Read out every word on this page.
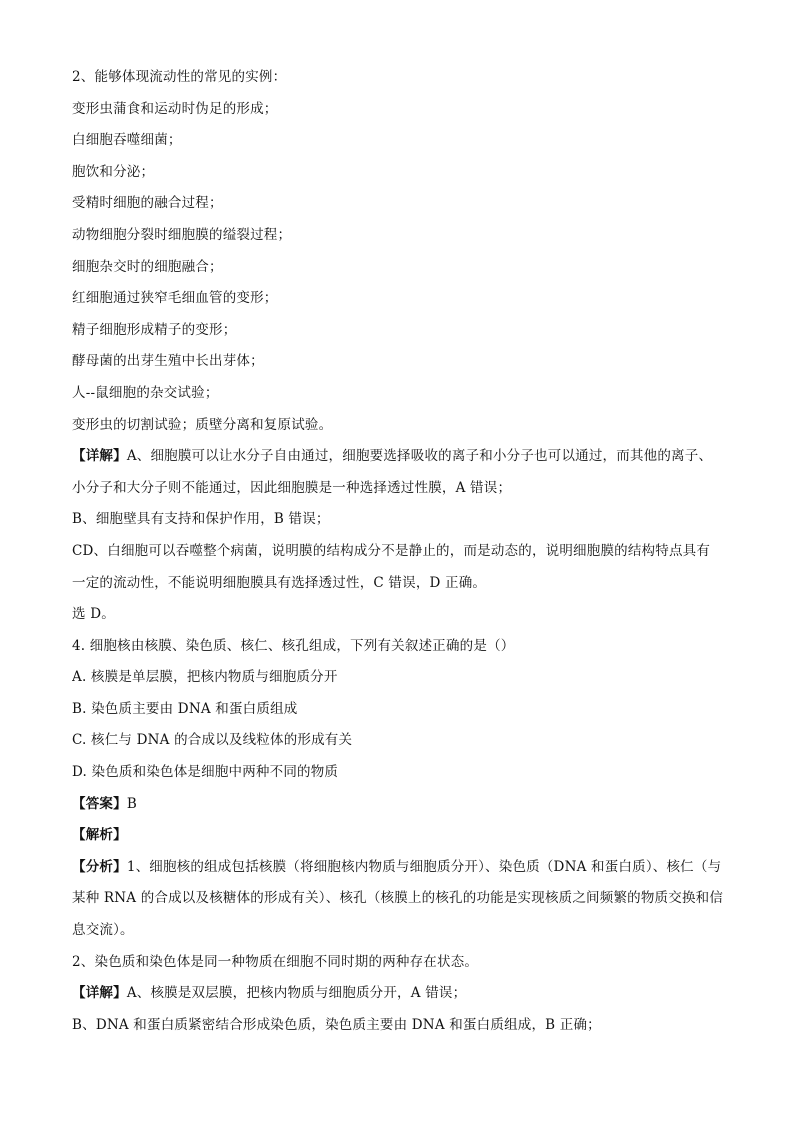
2、能够体现流动性的常见的实例：
变形虫蒲食和运动时伪足的形成；
白细胞吞噬细菌；
胞饮和分泌；
受精时细胞的融合过程；
动物细胞分裂时细胞膜的缢裂过程；
细胞杂交时的细胞融合；
红细胞通过狭窄毛细血管的变形；
精子细胞形成精子的变形；
酵母菌的出芽生殖中长出芽体；
人--鼠细胞的杂交试验；
变形虫的切割试验；质壁分离和复原试验。
【详解】A、细胞膜可以让水分子自由通过，细胞要选择吸收的离子和小分子也可以通过，而其他的离子、
小分子和大分子则不能通过，因此细胞膜是一种选择透过性膜，A 错误；
B、细胞壁具有支持和保护作用，B 错误；
CD、白细胞可以吞噬整个病菌，说明膜的结构成分不是静止的，而是动态的，说明细胞膜的结构特点具有
一定的流动性，不能说明细胞膜具有选择透过性，C 错误，D 正确。
选 D。
4. 细胞核由核膜、染色质、核仁、核孔组成，下列有关叙述正确的是（）
A. 核膜是单层膜，把核内物质与细胞质分开
B. 染色质主要由 DNA 和蛋白质组成
C. 核仁与 DNA 的合成以及线粒体的形成有关
D. 染色质和染色体是细胞中两种不同的物质
【答案】B
【解析】
【分析】1、细胞核的组成包括核膜（将细胞核内物质与细胞质分开）、染色质（DNA 和蛋白质）、核仁（与
某种 RNA 的合成以及核糖体的形成有关）、核孔（核膜上的核孔的功能是实现核质之间频繁的物质交换和信
息交流）。
2、染色质和染色体是同一种物质在细胞不同时期的两种存在状态。
【详解】A、核膜是双层膜，把核内物质与细胞质分开，A 错误；
B、DNA 和蛋白质紧密结合形成染色质，染色质主要由 DNA 和蛋白质组成，B 正确；
